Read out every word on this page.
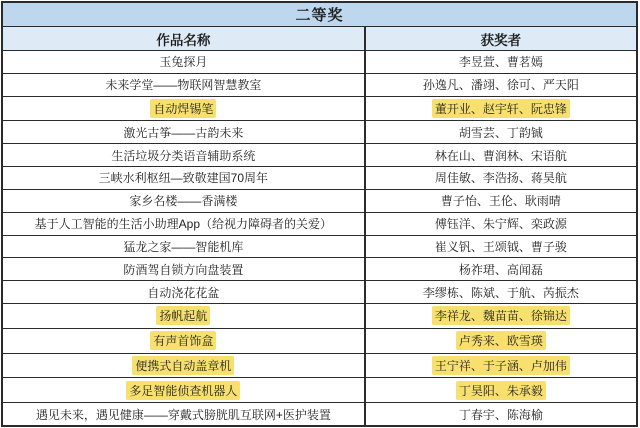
二等奖
作品名称	获奖者
玉兔探月	李昱萱、曹茗嫣
未来学堂——物联网智慧教室	孙逸凡、潘翊、徐可、严天阳
自动焊锡笔	董开业、赵宇轩、阮忠锋
激光古筝——古韵未来	胡雪芸、丁韵铖
生活垃圾分类语音辅助系统	林在山、曹润林、宋语航
三峡水利枢纽—致敬建国70周年	周佳敏、李浩扬、蒋昊航
家乡名楼——香满楼	曹子怡、王伦、耿雨晴
基于人工智能的生活小助理App（给视力障碍者的关爱）	傅钰洋、朱宁辉、栾政源
猛龙之家——智能机库	崔义钒、王颂钺、曹子骏
防酒驾自锁方向盘装置	杨祚珺、高闻磊
自动浇花花盆	李缪栋、陈斌、于航、芮振杰
扬帆起航	李祥龙、魏苗苗、徐锦达
有声首饰盒	卢秀来、欧雪瑛
便携式自动盖章机	王宁祥、于子涵、卢加伟
多足智能侦查机器人	丁昊阳、朱承毅
遇见未来，遇见健康——穿戴式膀胱肌互联网+医护装置	丁春宇、陈海榆
